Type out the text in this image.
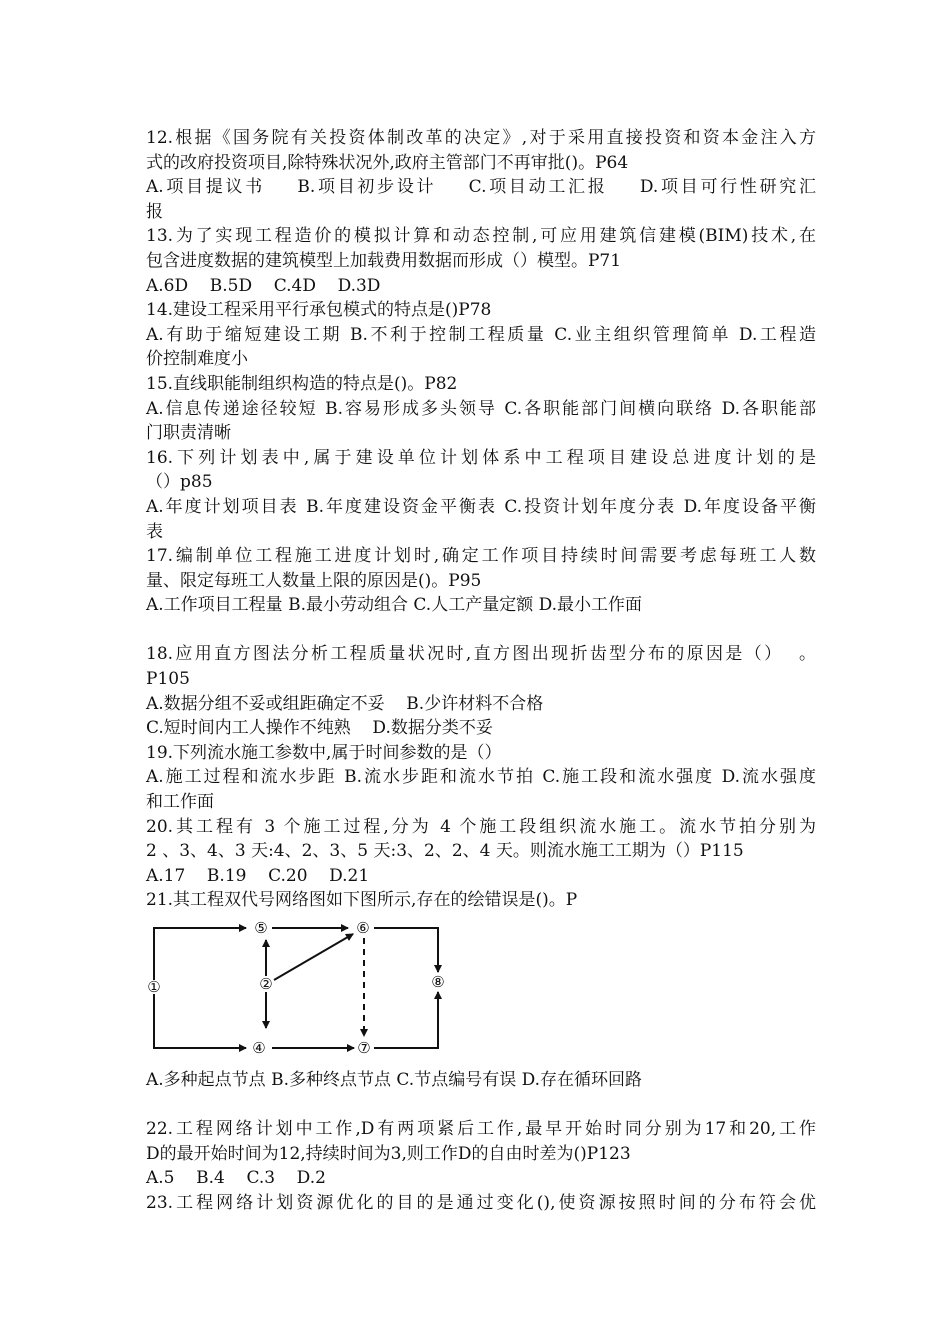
12.根据《国务院有关投资体制改革的决定》,对于采用直接投资和资本金注入方
式的改府投资项目,除特殊状况外,政府主管部门不再审批()。P64
A.项目提议书    B.项目初步设计    C.项目动工汇报    D.项目可行性研究汇
报
13.为了实现工程造价的模拟计算和动态控制,可应用建筑信建模(BIM)技术,在
包含进度数据的建筑模型上加载费用数据而形成（）模型。P71
A.6D    B.5D    C.4D    D.3D
14.建设工程采用平行承包模式的特点是()P78
A.有助于缩短建设工期 B.不利于控制工程质量 C.业主组织管理简单 D.工程造
价控制难度小
15.直线职能制组织构造的特点是()。P82
A.信息传递途径较短 B.容易形成多头领导 C.各职能部门间横向联络 D.各职能部
门职责清晰
16.下列计划表中,属于建设单位计划体系中工程项目建设总进度计划的是
（）p85
A.年度计划项目表 B.年度建设资金平衡表 C.投资计划年度分表 D.年度设备平衡
表
17.编制单位工程施工进度计划时,确定工作项目持续时间需要考虑每班工人数
量、限定每班工人数量上限的原因是()。P95
A.工作项目工程量 B.最小劳动组合 C.人工产量定额 D.最小工作面
18.应用直方图法分析工程质量状况时,直方图出现折齿型分布的原因是（）  。
P105
A.数据分组不妥或组距确定不妥    B.少许材料不合格
C.短时间内工人操作不纯熟    D.数据分类不妥
19.下列流水施工参数中,属于时间参数的是（）
A.施工过程和流水步距 B.流水步距和流水节拍 C.施工段和流水强度 D.流水强度
和工作面
20.其工程有 3 个施工过程,分为 4 个施工段组织流水施工。流水节拍分别为
2 、3、4、3 天:4、2、3、5 天:3、2、2、4 天。则流水施工工期为（）P115
A.17    B.19    C.20    D.21
21.其工程双代号网络图如下图所示,存在的绘错误是()。P
①	②
④
⑤	⑥
⑦
⑧
A.多种起点节点 B.多种终点节点 C.节点编号有误 D.存在循环回路
22.工程网络计划中工作,D有两项紧后工作,最早开始时同分别为17和20,工作
D的最开始时间为12,持续时间为3,则工作D的自由时差为()P123
A.5    B.4    C.3    D.2
23.工程网络计划资源优化的目的是通过变化(),使资源按照时间的分布符会优
